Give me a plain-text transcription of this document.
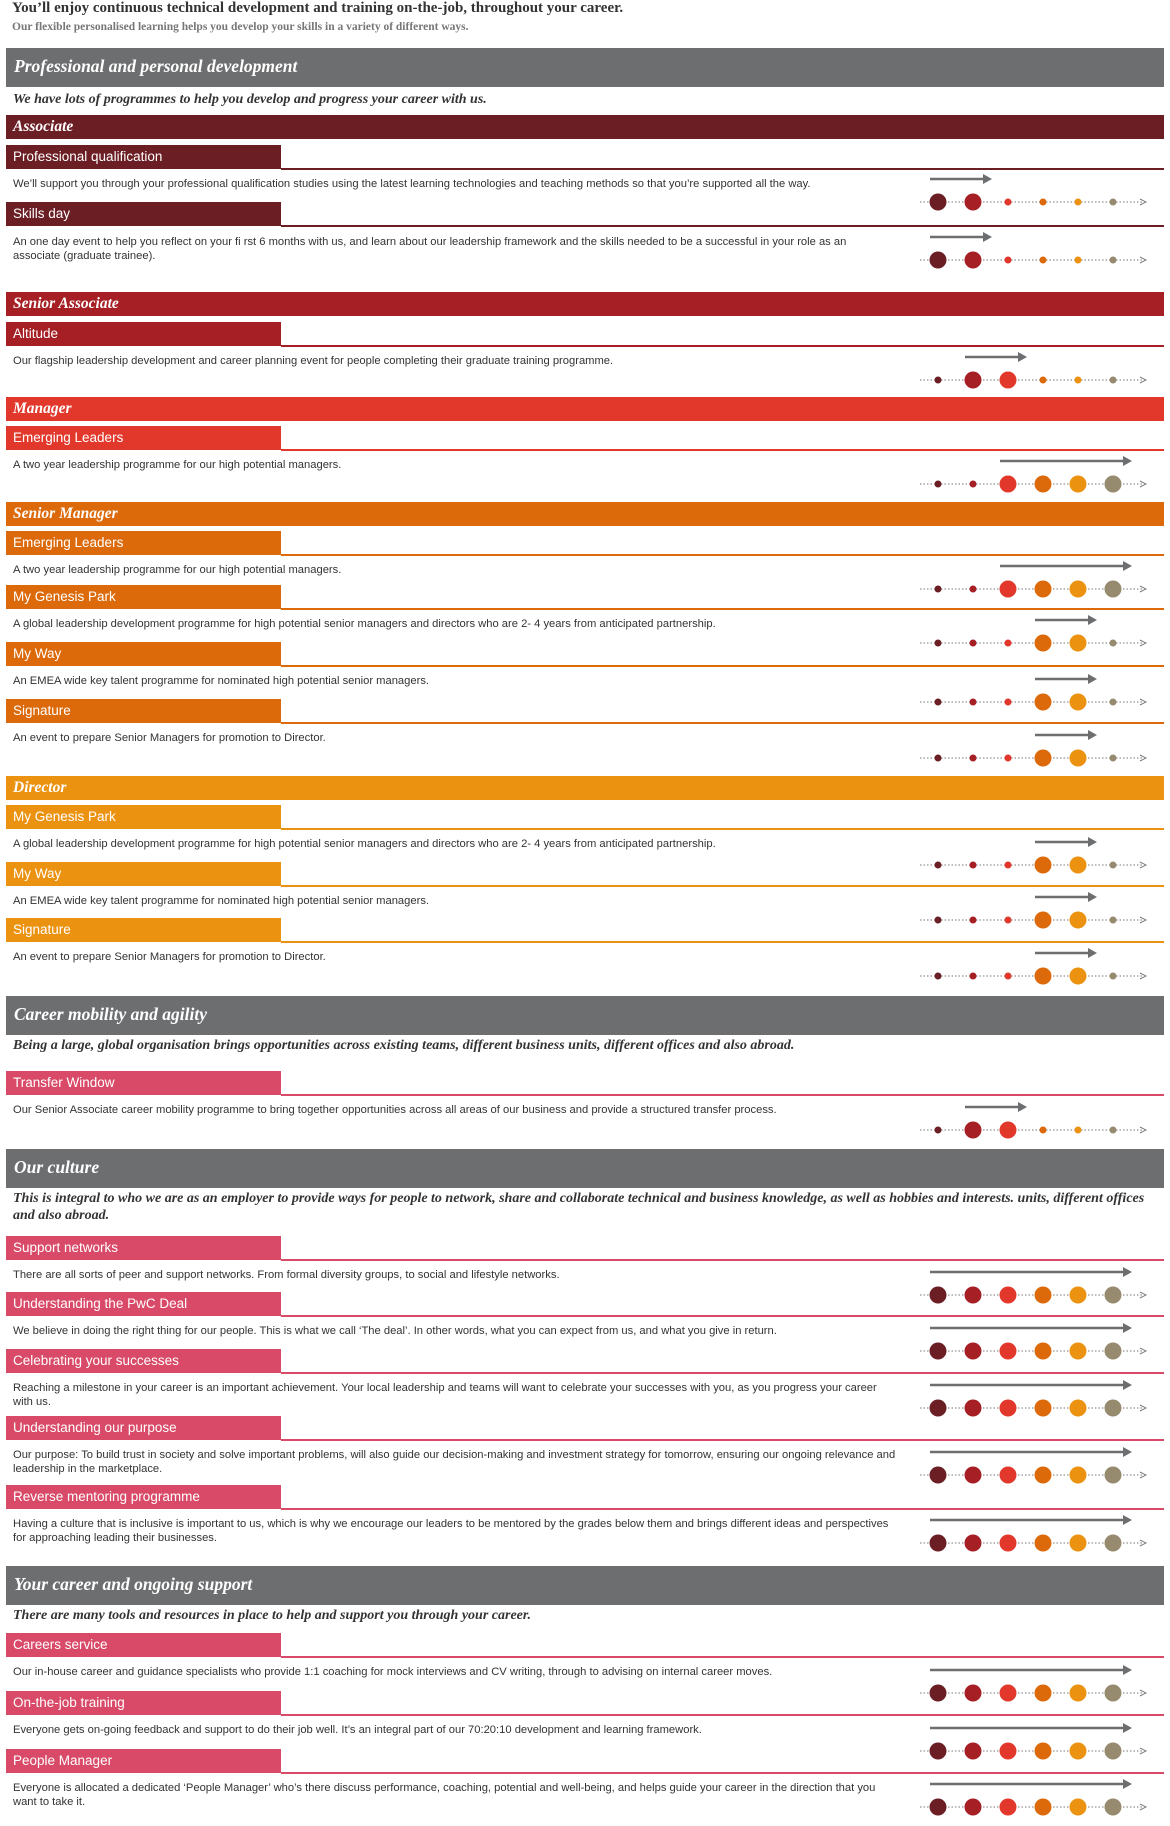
You’ll enjoy continuous technical development and training on-the-job, throughout your career.
Our flexible personalised learning helps you develop your skills in a variety of different ways.
Professional and personal development
We have lots of programmes to help you develop and progress your career with us.
Associate
Professional qualification
We’ll support you through your professional qualification studies using the latest learning technologies and teaching methods so that you’re supported all the way.
Skills day
An one day event to help you reflect on your fi rst 6 months with us, and learn about our leadership framework and the skills needed to be a successful in your role as an associate (graduate trainee).
Senior Associate
Altitude
Our flagship leadership development and career planning event for people completing their graduate training programme.
Manager
Emerging Leaders
A two year leadership programme for our high potential managers.
Senior Manager
Emerging Leaders
A two year leadership programme for our high potential managers.
My Genesis Park
A global leadership development programme for high potential senior managers and directors who are 2- 4 years from anticipated partnership.
My Way
An EMEA wide key talent programme for nominated high potential senior managers.
Signature
An event to prepare Senior Managers for promotion to Director.
Director
My Genesis Park
A global leadership development programme for high potential senior managers and directors who are 2- 4 years from anticipated partnership.
My Way
An EMEA wide key talent programme for nominated high potential senior managers.
Signature
An event to prepare Senior Managers for promotion to Director.
Career mobility and agility
Being a large, global organisation brings opportunities across existing teams, different business units, different offices and also abroad.
Transfer Window
Our Senior Associate career mobility programme to bring together opportunities across all areas of our business and provide a structured transfer process.
Our culture
This is integral to who we are as an employer to provide ways for people to network, share and collaborate technical and business knowledge, as well as hobbies and interests. units, different offices and also abroad.
Support networks
There are all sorts of peer and support networks. From formal diversity groups, to social and lifestyle networks.
Understanding the PwC Deal
We believe in doing the right thing for our people. This is what we call ‘The deal’. In other words, what you can expect from us, and what you give in return.
Celebrating your successes
Reaching a milestone in your career is an important achievement. Your local leadership and teams will want to celebrate your successes with you, as you progress your career with us.
Understanding our purpose
Our purpose: To build trust in society and solve important problems, will also guide our decision-making and investment strategy for tomorrow, ensuring our ongoing relevance and leadership in the marketplace.
Reverse mentoring programme
Having a culture that is inclusive is important to us, which is why we encourage our leaders to be mentored by the grades below them and brings different ideas and perspectives for approaching leading their businesses.
Your career and ongoing support
There are many tools and resources in place to help and support you through your career.
Careers service
Our in-house career and guidance specialists who provide 1:1 coaching for mock interviews and CV writing, through to advising on internal career moves.
On-the-job training
Everyone gets on-going feedback and support to do their job well. It’s an integral part of our 70:20:10 development and learning framework.
People Manager
Everyone is allocated a dedicated ‘People Manager’ who’s there discuss performance, coaching, potential and well-being, and helps guide your career in the direction that you want to take it.
